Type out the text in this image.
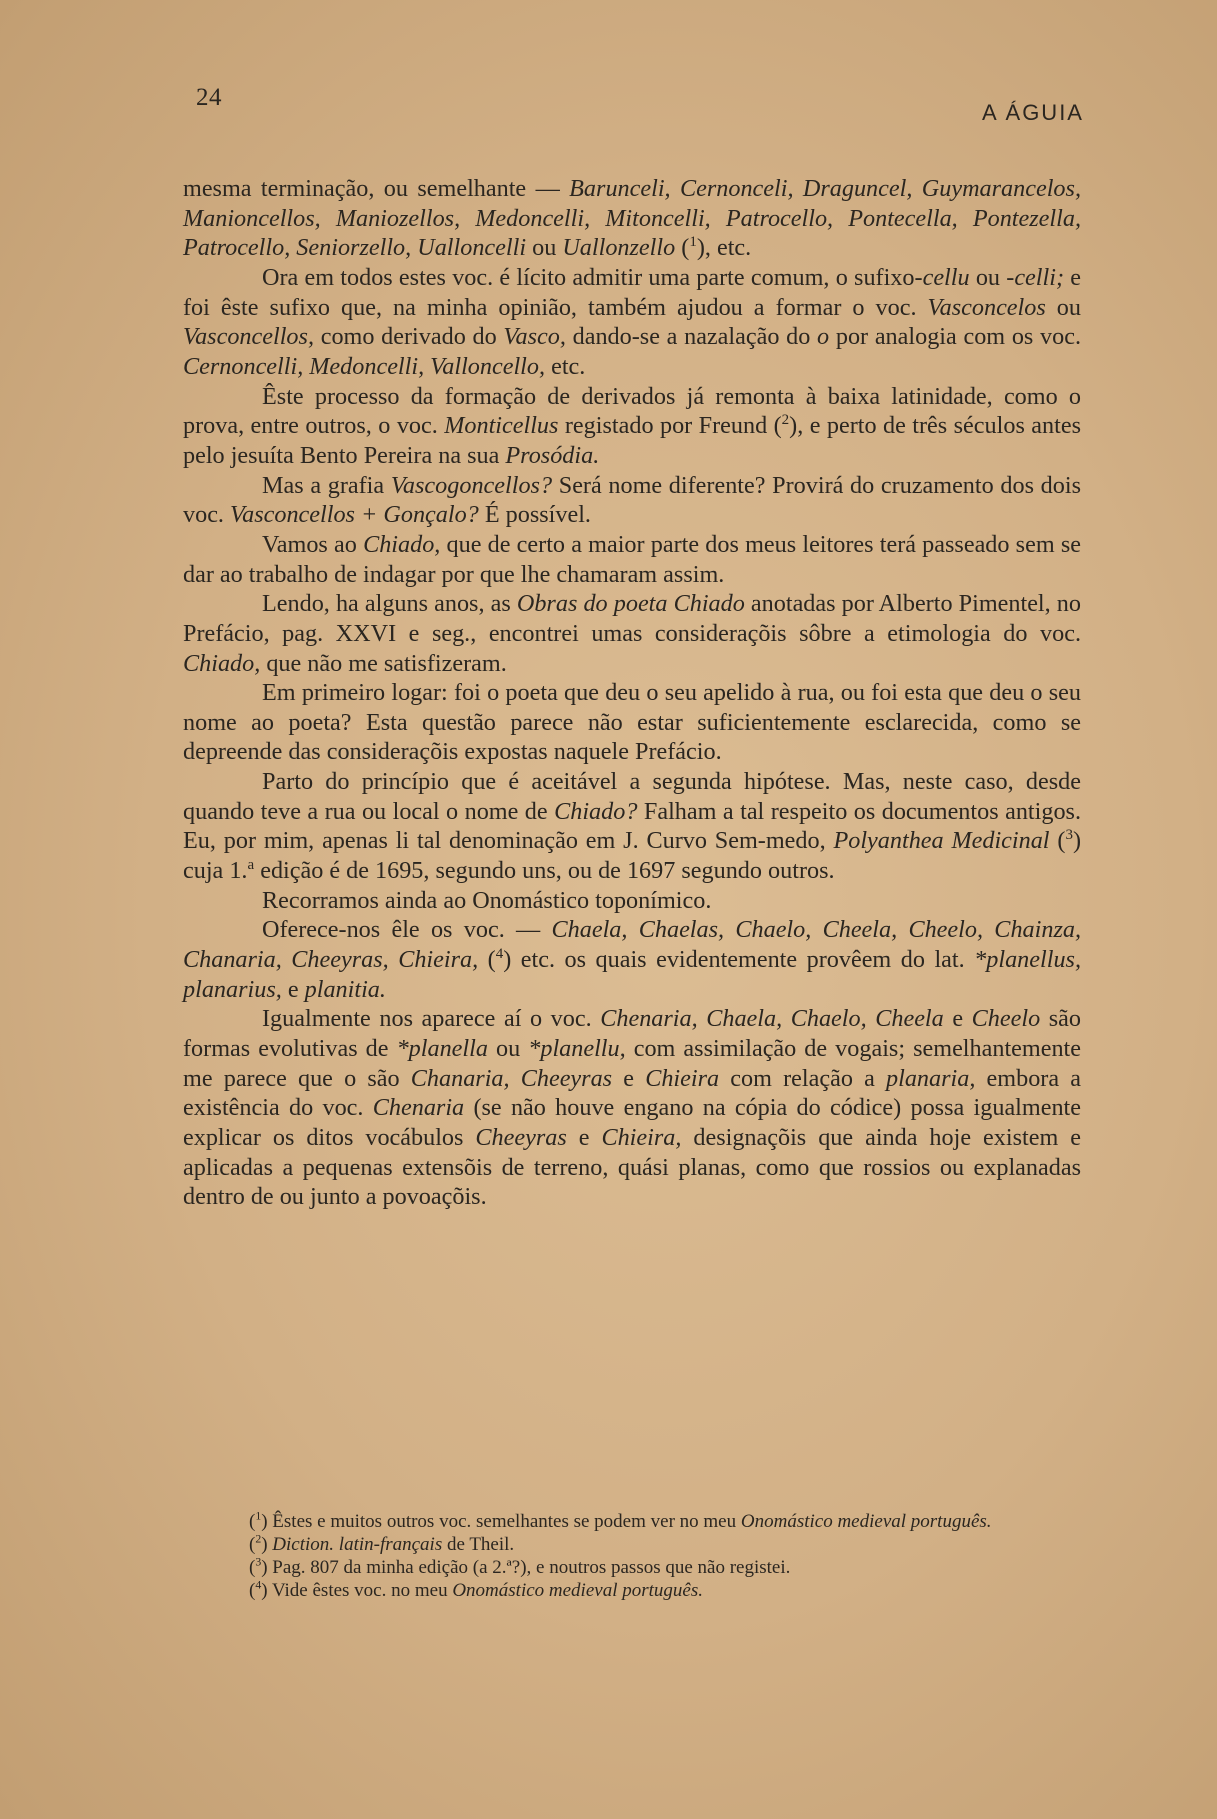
24
A ÁGUIA

mesma terminação, ou semelhante — Barunceli, Cernonceli, Draguncel, Guymarancelos, Manioncellos, Maniozellos, Medoncelli, Mitoncelli, Patrocello, Pontecella, Pontezella, Patrocello, Seniorzello, Ualloncelli ou Uallonzello ($^1$), etc.

Ora em todos estes voc. é lícito admitir uma parte comum, o sufixo-cellu ou -celli; e foi êste sufixo que, na minha opinião, também ajudou a formar o voc. Vasconcelos ou Vasconcellos, como derivado do Vasco, dando-se a nazalação do o por analogia com os voc. Cernoncelli, Medoncelli, Valloncello, etc.

Êste processo da formação de derivados já remonta à baixa latinidade, como o prova, entre outros, o voc. Monticellus registado por Freund ($^2$), e perto de três séculos antes pelo jesuíta Bento Pereira na sua Prosódia.

Mas a grafia Vascogoncellos? Será nome diferente? Provirá do cruzamento dos dois voc. Vasconcellos + Gonçalo? É possível.

Vamos ao Chiado, que de certo a maior parte dos meus leitores terá passeado sem se dar ao trabalho de indagar por que lhe chamaram assim.

Lendo, ha alguns anos, as Obras do poeta Chiado anotadas por Alberto Pimentel, no Prefácio, pag. XXVI e seg., encontrei umas consideraçõis sôbre a etimologia do voc. Chiado, que não me satisfizeram.

Em primeiro logar: foi o poeta que deu o seu apelido à rua, ou foi esta que deu o seu nome ao poeta? Esta questão parece não estar suficientemente esclarecida, como se depreende das consideraçõis expostas naquele Prefácio.

Parto do princípio que é aceitável a segunda hipótese. Mas, neste caso, desde quando teve a rua ou local o nome de Chiado? Falham a tal respeito os documentos antigos. Eu, por mim, apenas li tal denominação em J. Curvo Sem-medo, Polyanthea Medicinal ($^3$) cuja 1.$^a$ edição é de 1695, segundo uns, ou de 1697 segundo outros.

Recorramos ainda ao Onomástico toponímico.

Oferece-nos êle os voc. — Chaela, Chaelas, Chaelo, Cheela, Cheelo, Chainza, Chanaria, Cheeyras, Chieira, ($^4$) etc. os quais evidentemente provêem do lat. *planellus, planarius, e planitia.

Igualmente nos aparece aí o voc. Chenaria, Chaela, Chaelo, Cheela e Cheelo são formas evolutivas de *planella ou *planellu, com assimilação de vogais; semelhantemente me parece que o são Chanaria, Cheeyras e Chieira com relação a planaria, embora a existência do voc. Chenaria (se não houve engano na cópia do códice) possa igualmente explicar os ditos vocábulos Cheeyras e Chieira, designaçõis que ainda hoje existem e aplicadas a pequenas extensõis de terreno, quási planas, como que rossios ou explanadas dentro de ou junto a povoaçõis.

($^1$) Êstes e muitos outros voc. semelhantes se podem ver no meu Onomástico medieval português.

($^2$) Diction. latin-français de Theil.

($^3$) Pag. 807 da minha edição (a 2.ª?), e noutros passos que não registei.

($^4$) Vide êstes voc. no meu Onomástico medieval português.
